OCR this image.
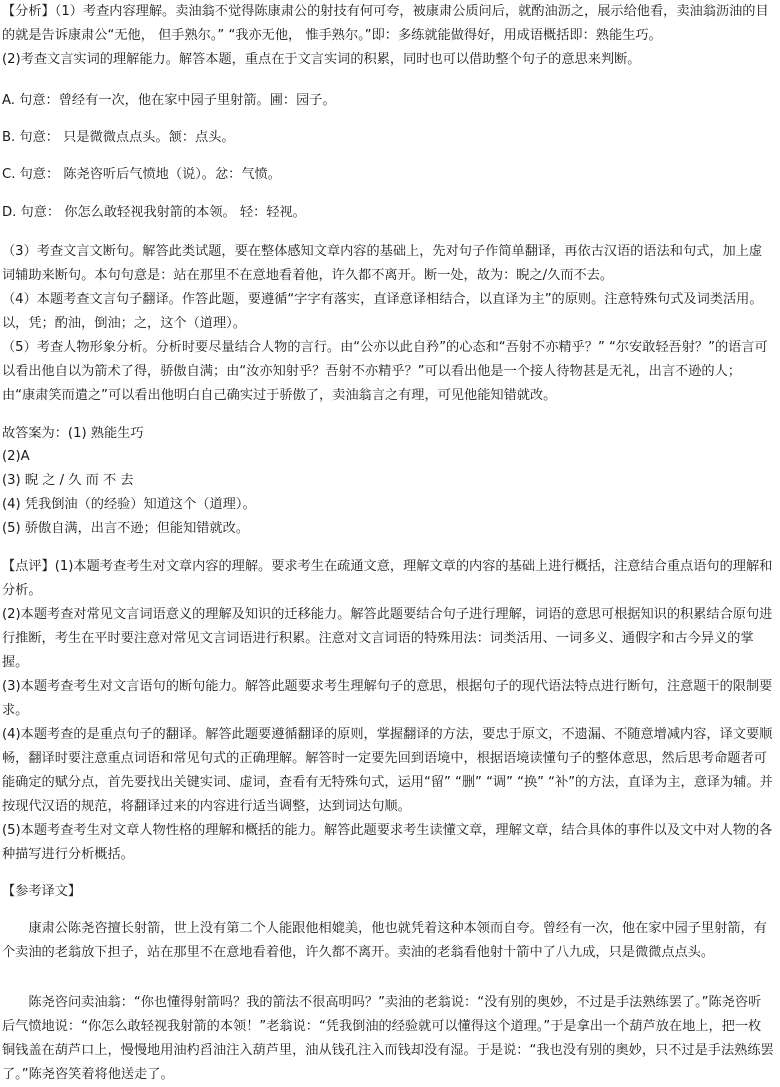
【分析】（1）考查内容理解。卖油翁不觉得陈康肃公的射技有何可夸，被康肃公质问后，就酌油沥之，展示给他看，卖油翁沥油的目的就是告诉康肃公“无他， 但手熟尔。” “我亦无他， 惟手熟尔。”即：多练就能做得好，用成语概括即：熟能生巧。
(2)考查文言实词的理解能力。解答本题，重点在于文言实词的积累，同时也可以借助整个句子的意思来判断。
A. 句意：曾经有一次，他在家中园子里射箭。圃：园子。
B. 句意： 只是微微点点头。颔：点头。
C. 句意： 陈尧咨听后气愤地（说）。忿：气愤。
D. 句意： 你怎么敢轻视我射箭的本领。 轻：轻视。
（3）考查文言文断句。解答此类试题，要在整体感知文章内容的基础上，先对句子作简单翻译，再依古汉语的语法和句式，加上虚词辅助来断句。本句句意是：站在那里不在意地看着他，许久都不离开。断一处，故为：睨之/久而不去。
（4）本题考查文言句子翻译。作答此题，要遵循“字字有落实，直译意译相结合，以直译为主”的原则。注意特殊句式及词类活用。以，凭；酌油，倒油；之，这个（道理）。
（5）考查人物形象分析。分析时要尽量结合人物的言行。由“公亦以此自矜”的心态和“吾射不亦精乎？” “尔安敢轻吾射？”的语言可以看出他自以为箭术了得，骄傲自满；由“汝亦知射乎？吾射不亦精乎？”可以看出他是一个接人待物甚是无礼，出言不逊的人；由“康肃笑而遣之”可以看出他明白自己确实过于骄傲了，卖油翁言之有理，可见他能知错就改。
故答案为：(1) 熟能生巧
(2)A
(3) 睨 之 / 久 而 不 去
(4) 凭我倒油（的经验）知道这个（道理）。
(5) 骄傲自满，出言不逊；但能知错就改。
【点评】(1)本题考查考生对文章内容的理解。要求考生在疏通文意，理解文章的内容的基础上进行概括，注意结合重点语句的理解和分析。
(2)本题考查对常见文言词语意义的理解及知识的迁移能力。解答此题要结合句子进行理解，词语的意思可根据知识的积累结合原句进行推断，考生在平时要注意对常见文言词语进行积累。注意对文言词语的特殊用法：词类活用、一词多义、通假字和古今异义的掌握。
(3)本题考查考生对文言语句的断句能力。解答此题要求考生理解句子的意思，根据句子的现代语法特点进行断句，注意题干的限制要求。
(4)本题考查的是重点句子的翻译。解答此题要遵循翻译的原则，掌握翻译的方法，要忠于原文，不遗漏、不随意增减内容，译文要顺畅，翻译时要注意重点词语和常见句式的正确理解。解答时一定要先回到语境中，根据语境读懂句子的整体意思，然后思考命题者可能确定的赋分点，首先要找出关键实词、虚词，查看有无特殊句式，运用“留” “删” “调” “换” “补”的方法，直译为主，意译为辅。并按现代汉语的规范，将翻译过来的内容进行适当调整，达到词达句顺。
(5)本题考查考生对文章人物性格的理解和概括的能力。解答此题要求考生读懂文章，理解文章，结合具体的事件以及文中对人物的各种描写进行分析概括。
【参考译文】
康肃公陈尧咨擅长射箭，世上没有第二个人能跟他相媲美，他也就凭着这种本领而自夸。曾经有一次，他在家中园子里射箭，有个卖油的老翁放下担子，站在那里不在意地看着他，许久都不离开。卖油的老翁看他射十箭中了八九成，只是微微点点头。
陈尧咨问卖油翁：“你也懂得射箭吗？我的箭法不很高明吗？”卖油的老翁说：“没有别的奥妙，不过是手法熟练罢了。”陈尧咨听后气愤地说：“你怎么敢轻视我射箭的本领！”老翁说：“凭我倒油的经验就可以懂得这个道理。”于是拿出一个葫芦放在地上，把一枚铜钱盖在葫芦口上，慢慢地用油杓舀油注入葫芦里，油从钱孔注入而钱却没有湿。于是说：“我也没有别的奥妙，只不过是手法熟练罢了。”陈尧咨笑着将他送走了。
